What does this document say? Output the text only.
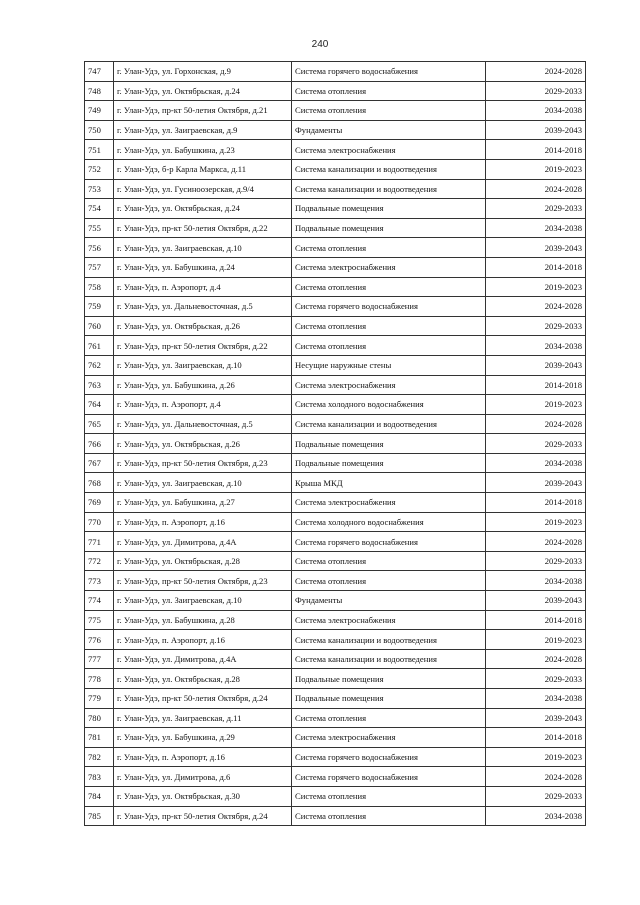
240
747	г. Улан-Удэ, ул. Горхонская, д.9	Система горячего водоснабжения	2024-2028
748	г. Улан-Удэ, ул. Октябрьская, д.24	Система отопления	2029-2033
749	г. Улан-Удэ, пр-кт 50-летия Октября, д.21	Система отопления	2034-2038
750	г. Улан-Удэ, ул. Заиграевская, д.9	Фундаменты	2039-2043
751	г. Улан-Удэ, ул. Бабушкина, д.23	Система электроснабжения	2014-2018
752	г. Улан-Удэ, б-р Карла Маркса, д.11	Система канализации и водоотведения	2019-2023
753	г. Улан-Удэ, ул. Гусиноозерская, д.9/4	Система канализации и водоотведения	2024-2028
754	г. Улан-Удэ, ул. Октябрьская, д.24	Подвальные помещения	2029-2033
755	г. Улан-Удэ, пр-кт 50-летия Октября, д.22	Подвальные помещения	2034-2038
756	г. Улан-Удэ, ул. Заиграевская, д.10	Система отопления	2039-2043
757	г. Улан-Удэ, ул. Бабушкина, д.24	Система электроснабжения	2014-2018
758	г. Улан-Удэ, п. Аэропорт, д.4	Система отопления	2019-2023
759	г. Улан-Удэ, ул. Дальневосточная, д.5	Система горячего водоснабжения	2024-2028
760	г. Улан-Удэ, ул. Октябрьская, д.26	Система отопления	2029-2033
761	г. Улан-Удэ, пр-кт 50-летия Октября, д.22	Система отопления	2034-2038
762	г. Улан-Удэ, ул. Заиграевская, д.10	Несущие наружные стены	2039-2043
763	г. Улан-Удэ, ул. Бабушкина, д.26	Система электроснабжения	2014-2018
764	г. Улан-Удэ, п. Аэропорт, д.4	Система холодного водоснабжения	2019-2023
765	г. Улан-Удэ, ул. Дальневосточная, д.5	Система канализации и водоотведения	2024-2028
766	г. Улан-Удэ, ул. Октябрьская, д.26	Подвальные помещения	2029-2033
767	г. Улан-Удэ, пр-кт 50-летия Октября, д.23	Подвальные помещения	2034-2038
768	г. Улан-Удэ, ул. Заиграевская, д.10	Крыша МКД	2039-2043
769	г. Улан-Удэ, ул. Бабушкина, д.27	Система электроснабжения	2014-2018
770	г. Улан-Удэ, п. Аэропорт, д.16	Система холодного водоснабжения	2019-2023
771	г. Улан-Удэ, ул. Димитрова, д.4А	Система горячего водоснабжения	2024-2028
772	г. Улан-Удэ, ул. Октябрьская, д.28	Система отопления	2029-2033
773	г. Улан-Удэ, пр-кт 50-летия Октября, д.23	Система отопления	2034-2038
774	г. Улан-Удэ, ул. Заиграевская, д.10	Фундаменты	2039-2043
775	г. Улан-Удэ, ул. Бабушкина, д.28	Система электроснабжения	2014-2018
776	г. Улан-Удэ, п. Аэропорт, д.16	Система канализации и водоотведения	2019-2023
777	г. Улан-Удэ, ул. Димитрова, д.4А	Система канализации и водоотведения	2024-2028
778	г. Улан-Удэ, ул. Октябрьская, д.28	Подвальные помещения	2029-2033
779	г. Улан-Удэ, пр-кт 50-летия Октября, д.24	Подвальные помещения	2034-2038
780	г. Улан-Удэ, ул. Заиграевская, д.11	Система отопления	2039-2043
781	г. Улан-Удэ, ул. Бабушкина, д.29	Система электроснабжения	2014-2018
782	г. Улан-Удэ, п. Аэропорт, д.16	Система горячего водоснабжения	2019-2023
783	г. Улан-Удэ, ул. Димитрова, д.6	Система горячего водоснабжения	2024-2028
784	г. Улан-Удэ, ул. Октябрьская, д.30	Система отопления	2029-2033
785	г. Улан-Удэ, пр-кт 50-летия Октября, д.24	Система отопления	2034-2038
